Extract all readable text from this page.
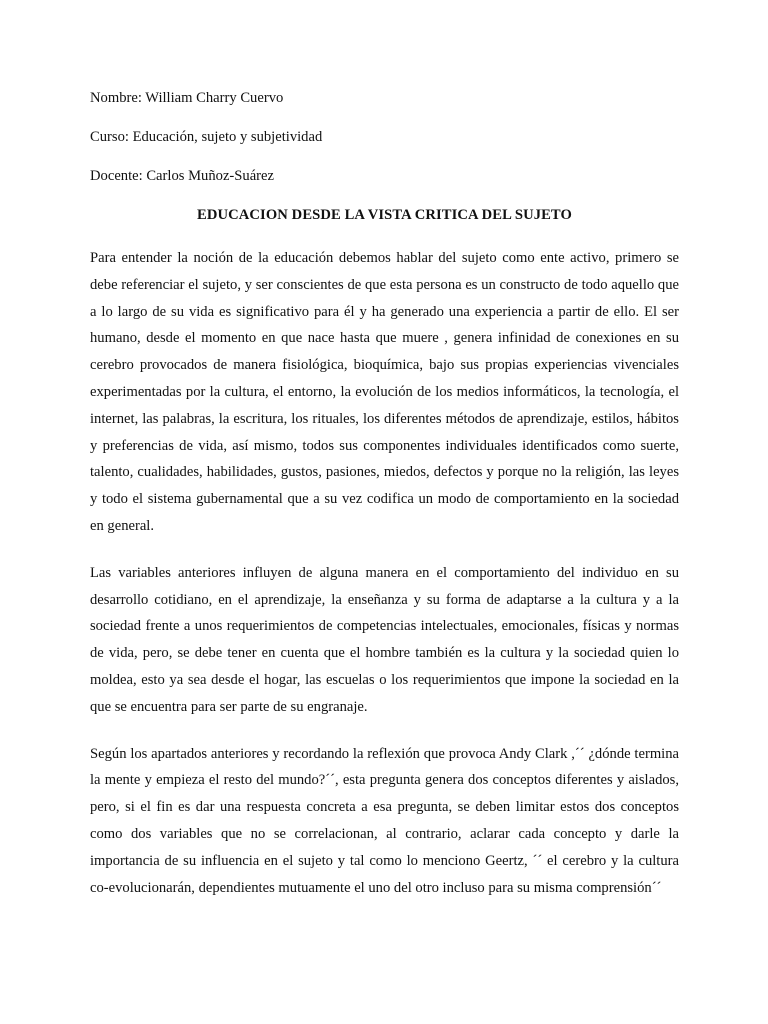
Nombre: William Charry Cuervo

Curso: Educación, sujeto y subjetividad

Docente: Carlos Muñoz-Suárez

EDUCACION DESDE LA VISTA CRITICA DEL SUJETO

Para entender la noción de la educación debemos hablar del sujeto como ente activo, primero se debe referenciar el sujeto, y ser conscientes de que esta persona es un constructo de todo aquello que a lo largo de su vida es significativo para él y ha generado una experiencia a partir de ello. El ser humano, desde el momento en que nace hasta que muere , genera infinidad de conexiones en su cerebro provocados de manera fisiológica, bioquímica, bajo sus propias experiencias vivenciales experimentadas por la cultura, el entorno, la evolución de los medios informáticos, la tecnología, el internet, las palabras, la escritura, los rituales, los diferentes métodos de aprendizaje, estilos, hábitos y preferencias de vida, así mismo, todos sus componentes individuales identificados como suerte, talento, cualidades, habilidades, gustos, pasiones, miedos, defectos y porque no la religión, las leyes y todo el sistema gubernamental que a su vez codifica un modo de comportamiento en la sociedad en general.

Las variables anteriores influyen de alguna manera en el comportamiento del individuo en su desarrollo cotidiano, en el aprendizaje, la enseñanza y su forma de adaptarse a la cultura y a la sociedad frente a unos requerimientos de competencias intelectuales, emocionales, físicas y normas de vida, pero, se debe tener en cuenta que el hombre también es la cultura y la sociedad quien lo moldea, esto ya sea desde el hogar, las escuelas o los requerimientos que impone la sociedad en la que se encuentra para ser parte de su engranaje.

Según los apartados anteriores y recordando la reflexión que provoca Andy Clark ,´´ ¿dónde termina la mente y empieza el resto del mundo?´´, esta pregunta genera dos conceptos diferentes y aislados, pero, si el fin es dar una respuesta concreta a esa pregunta, se deben limitar estos dos conceptos como dos variables que no se correlacionan, al contrario, aclarar cada concepto y darle la importancia de su influencia en el sujeto y tal como lo menciono Geertz, ´´ el cerebro y la cultura co-evolucionarán, dependientes mutuamente el uno del otro incluso para su misma comprensión´´
